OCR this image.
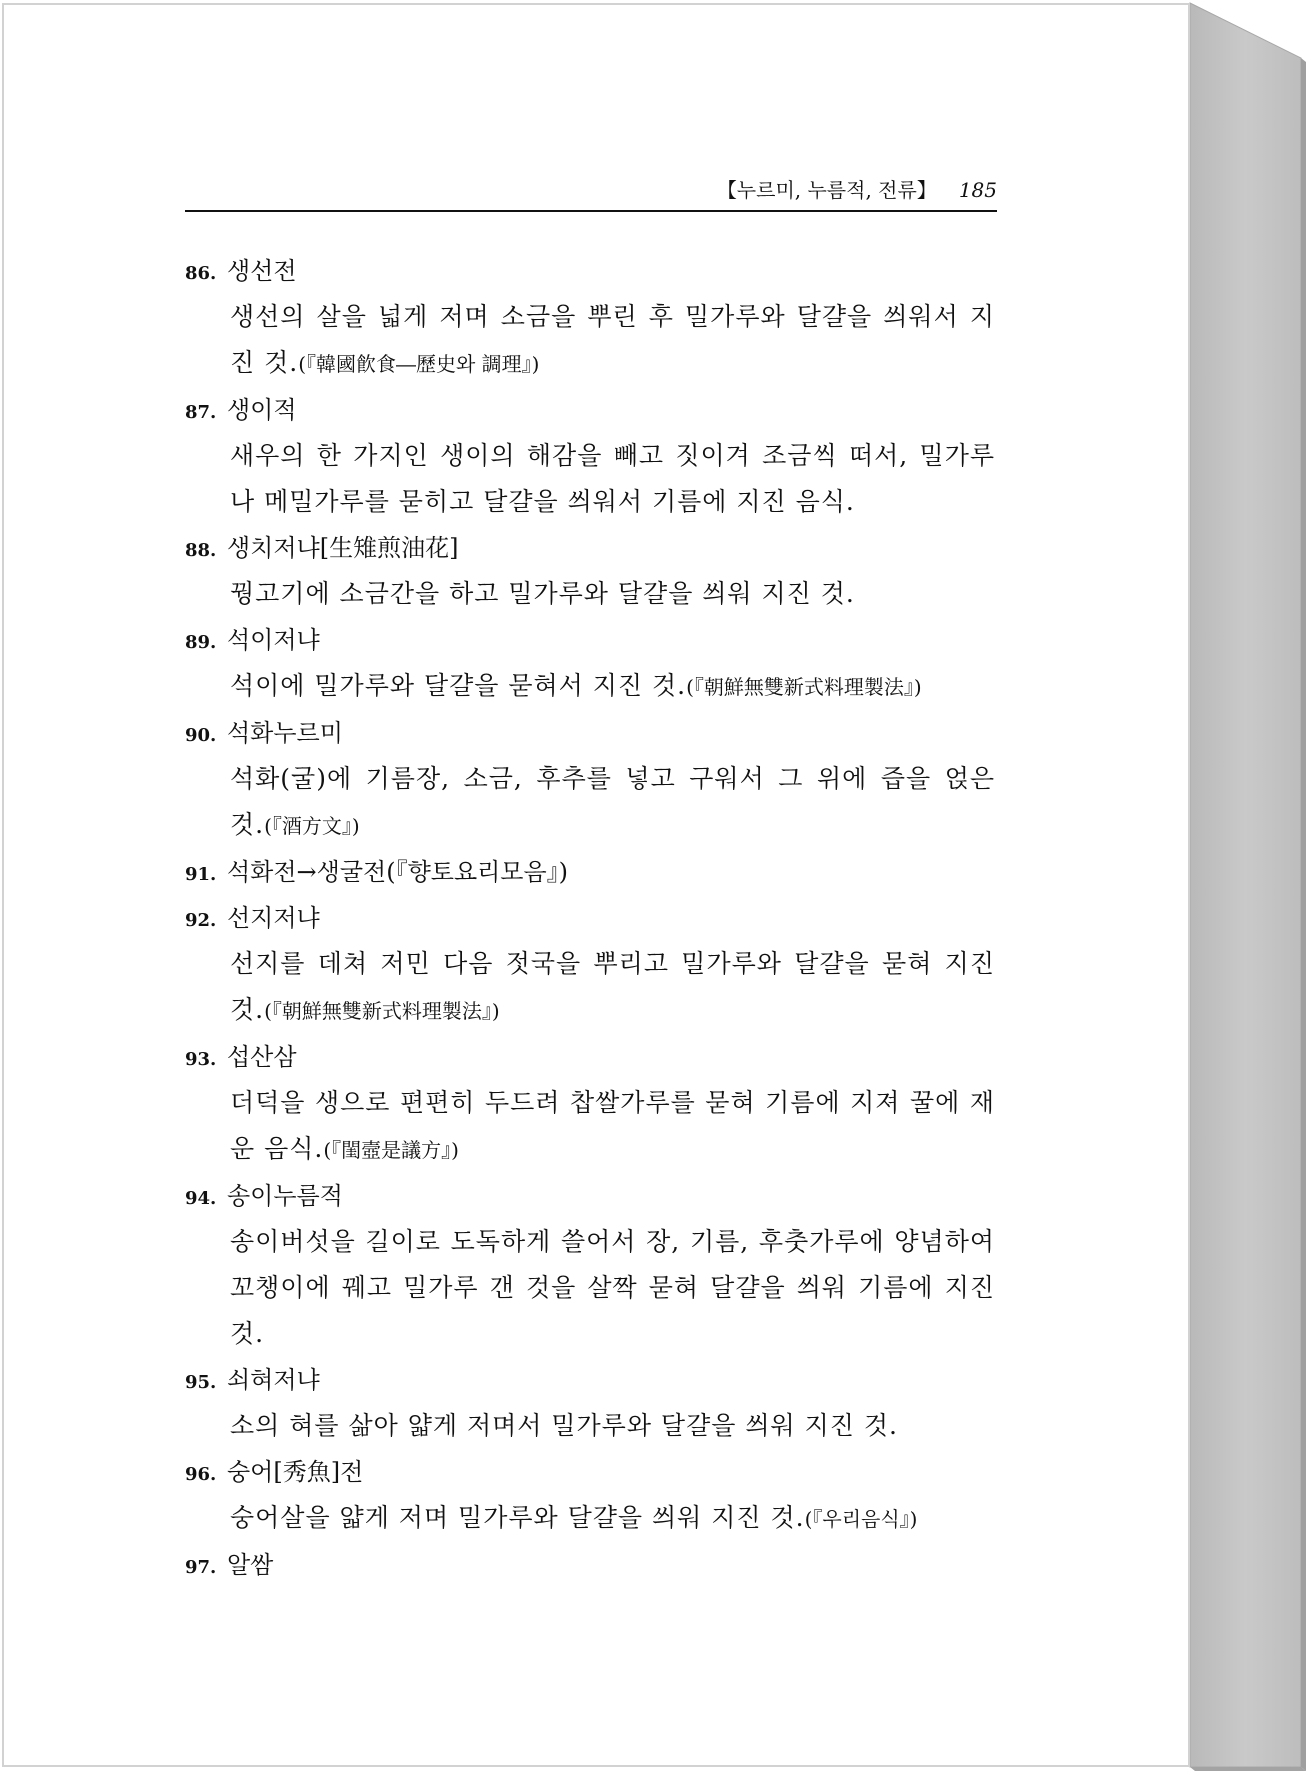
【누르미, 누름적, 전류】 185
86. 생선전
생선의 살을 넓게 저며 소금을 뿌린 후 밀가루와 달걀을 씌워서 지진 것.(『韓國飮食―歷史와 調理』)
87. 생이적
새우의 한 가지인 생이의 해감을 빼고 짓이겨 조금씩 떠서, 밀가루나 메밀가루를 묻히고 달걀을 씌워서 기름에 지진 음식.
88. 생치저냐[生雉煎油花]
꿩고기에 소금간을 하고 밀가루와 달걀을 씌워 지진 것.
89. 석이저냐
석이에 밀가루와 달걀을 묻혀서 지진 것.(『朝鮮無雙新式料理製法』)
90. 석화누르미
석화(굴)에 기름장, 소금, 후추를 넣고 구워서 그 위에 즙을 얹은 것.(『酒方文』)
91. 석화전→생굴전(『향토요리모음』)
92. 선지저냐
선지를 데쳐 저민 다음 젓국을 뿌리고 밀가루와 달걀을 묻혀 지진 것.(『朝鮮無雙新式料理製法』)
93. 섭산삼
더덕을 생으로 편편히 두드려 찹쌀가루를 묻혀 기름에 지져 꿀에 재운 음식.(『閨壼是議方』)
94. 송이누름적
송이버섯을 길이로 도독하게 쓸어서 장, 기름, 후춧가루에 양념하여 꼬챙이에 꿰고 밀가루 갠 것을 살짝 묻혀 달걀을 씌워 기름에 지진 것.
95. 쇠혀저냐
소의 혀를 삶아 얇게 저며서 밀가루와 달걀을 씌워 지진 것.
96. 숭어[秀魚]전
숭어살을 얇게 저며 밀가루와 달걀을 씌워 지진 것.(『우리음식』)
97. 알쌈
